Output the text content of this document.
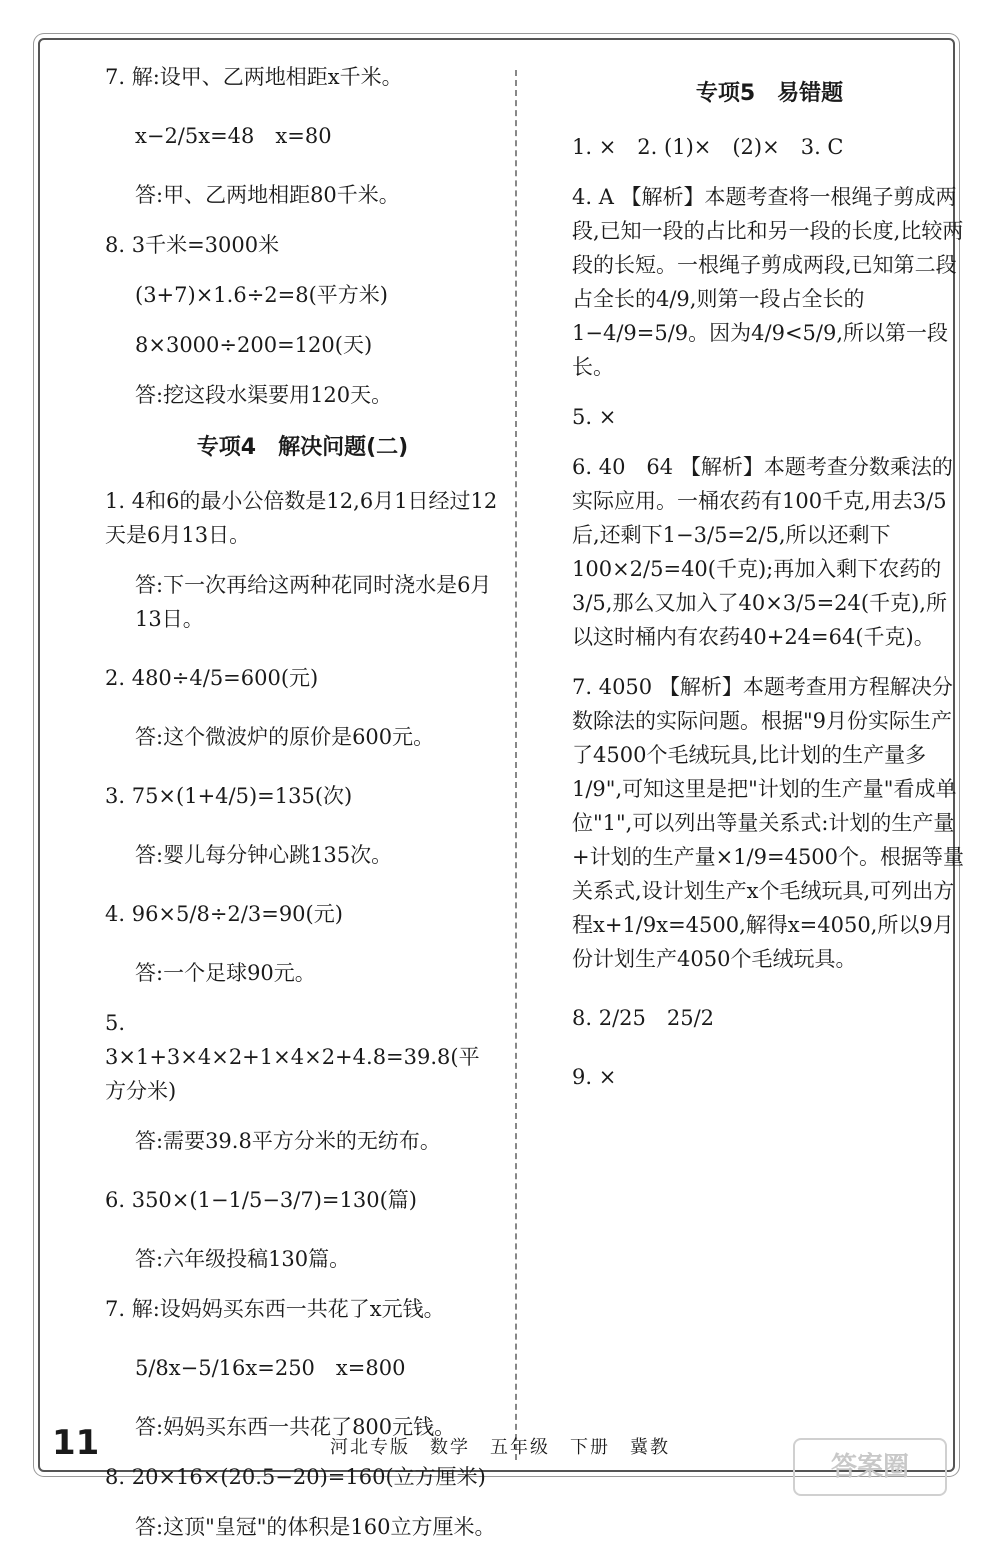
7. 解:设甲、乙两地相距x千米。
x−2/5x=48　x=80
答:甲、乙两地相距80千米。
8. 3千米=3000米
(3+7)×1.6÷2=8(平方米)
8×3000÷200=120(天)
答:挖这段水渠要用120天。
专项4　解决问题(二)
1. 4和6的最小公倍数是12,6月1日经过12天是6月13日。
答:下一次再给这两种花同时浇水是6月13日。
2. 480÷4/5=600(元)
答:这个微波炉的原价是600元。
3. 75×(1+4/5)=135(次)
答:婴儿每分钟心跳135次。
4. 96×5/8÷2/3=90(元)
答:一个足球90元。
5. 3×1+3×4×2+1×4×2+4.8=39.8(平方分米)
答:需要39.8平方分米的无纺布。
6. 350×(1−1/5−3/7)=130(篇)
答:六年级投稿130篇。
7. 解:设妈妈买东西一共花了x元钱。
5/8x−5/16x=250　x=800
答:妈妈买东西一共花了800元钱。
8. 20×16×(20.5−20)=160(立方厘米)
答:这顶"皇冠"的体积是160立方厘米。
专项5　易错题
1. ×　2. (1)×　(2)×　3. C
4. A 【解析】本题考查将一根绳子剪成两段,已知一段的占比和另一段的长度,比较两段的长短。一根绳子剪成两段,已知第二段占全长的4/9,则第一段占全长的1−4/9=5/9。因为4/9<5/9,所以第一段长。
5. ×
6. 40　64 【解析】本题考查分数乘法的实际应用。一桶农药有100千克,用去3/5后,还剩下1−3/5=2/5,所以还剩下100×2/5=40(千克);再加入剩下农药的3/5,那么又加入了40×3/5=24(千克),所以这时桶内有农药40+24=64(千克)。
7. 4050 【解析】本题考查用方程解决分数除法的实际问题。根据"9月份实际生产了4500个毛绒玩具,比计划的生产量多1/9",可知这里是把"计划的生产量"看成单位"1",可以列出等量关系式:计划的生产量+计划的生产量×1/9=4500个。根据等量关系式,设计划生产x个毛绒玩具,可列出方程x+1/9x=4500,解得x=4050,所以9月份计划生产4050个毛绒玩具。
8. 2/25　25/2
9. ×
11	河北专版　数学　五年级　下册　冀教
答案圈
